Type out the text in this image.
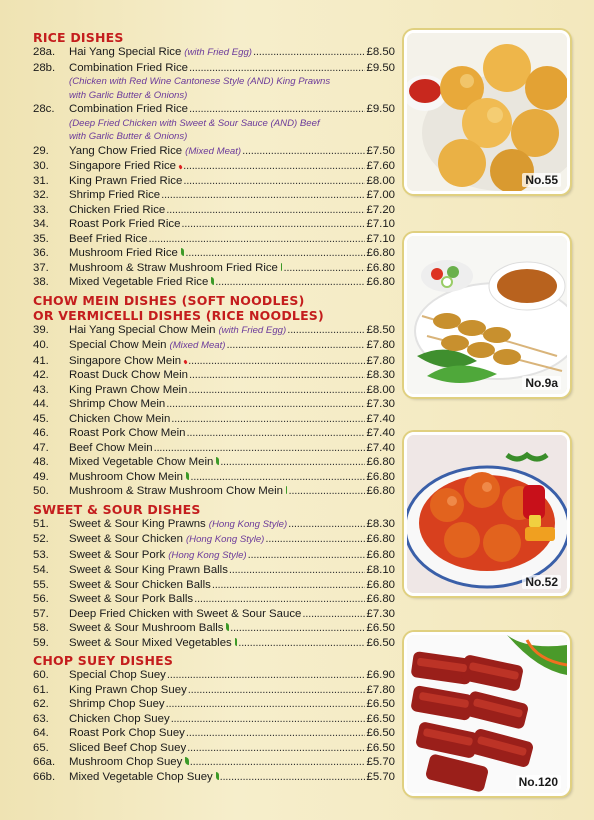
RICE DISHES
28a.	Hai Yang Special Rice (with Fried Egg) .....	£8.50
28b.	Combination Fried Rice .....	£9.50
(Chicken with Red Wine Cantonese Style (AND) King Prawns
with Garlic Butter & Onions)
28c.	Combination Fried Rice .....	£9.50
(Deep Fried Chicken with Sweet & Sour Sauce (AND) Beef
with Garlic Butter & Onions)
29.	Yang Chow Fried Rice (Mixed Meat) .....	£7.50
30.	Singapore Fried Rice .....	£7.60
31.	King Prawn Fried Rice .....	£8.00
32.	Shrimp Fried Rice .....	£7.00
33.	Chicken Fried Rice .....	£7.20
34.	Roast Pork Fried Rice .....	£7.10
35.	Beef Fried Rice .....	£7.10
36.	Mushroom Fried Rice .....	£6.80
37.	Mushroom & Straw Mushroom Fried Rice .....	£6.80
38.	Mixed Vegetable Fried Rice .....	£6.80
CHOW MEIN DISHES (SOFT NOODLES)
OR VERMICELLI DISHES (RICE NOODLES)
39.	Hai Yang Special Chow Mein (with Fried Egg) .....	£8.50
40.	Special Chow Mein (Mixed Meat) .....	£7.80
41.	Singapore Chow Mein .....	£7.80
42.	Roast Duck Chow Mein .....	£8.30
43.	King Prawn Chow Mein .....	£8.00
44.	Shrimp Chow Mein .....	£7.30
45.	Chicken Chow Mein .....	£7.40
46.	Roast Pork Chow Mein .....	£7.40
47.	Beef Chow Mein .....	£7.40
48.	Mixed Vegetable Chow Mein .....	£6.80
49.	Mushroom Chow Mein .....	£6.80
50.	Mushroom & Straw Mushroom Chow Mein .....	£6.80
SWEET & SOUR DISHES
51.	Sweet & Sour King Prawns (Hong Kong Style) .....	£8.30
52.	Sweet & Sour Chicken (Hong Kong Style) .....	£6.80
53.	Sweet & Sour Pork (Hong Kong Style) .....	£6.80
54.	Sweet & Sour King Prawn Balls .....	£8.10
55.	Sweet & Sour Chicken Balls .....	£6.80
56.	Sweet & Sour Pork Balls .....	£6.80
57.	Deep Fried Chicken with Sweet & Sour Sauce .....	£7.30
58.	Sweet & Sour Mushroom Balls .....	£6.50
59.	Sweet & Sour Mixed Vegetables .....	£6.50
CHOP SUEY DISHES
60.	Special Chop Suey .....	£6.90
61.	King Prawn Chop Suey .....	£7.80
62.	Shrimp Chop Suey .....	£6.50
63.	Chicken Chop Suey .....	£6.50
64.	Roast Pork Chop Suey .....	£6.50
65.	Sliced Beef Chop Suey .....	£6.50
66a.	Mushroom Chop Suey .....	£5.70
66b.	Mixed Vegetable Chop Suey .....	£5.70
No.55
No.9a
No.52
No.120
